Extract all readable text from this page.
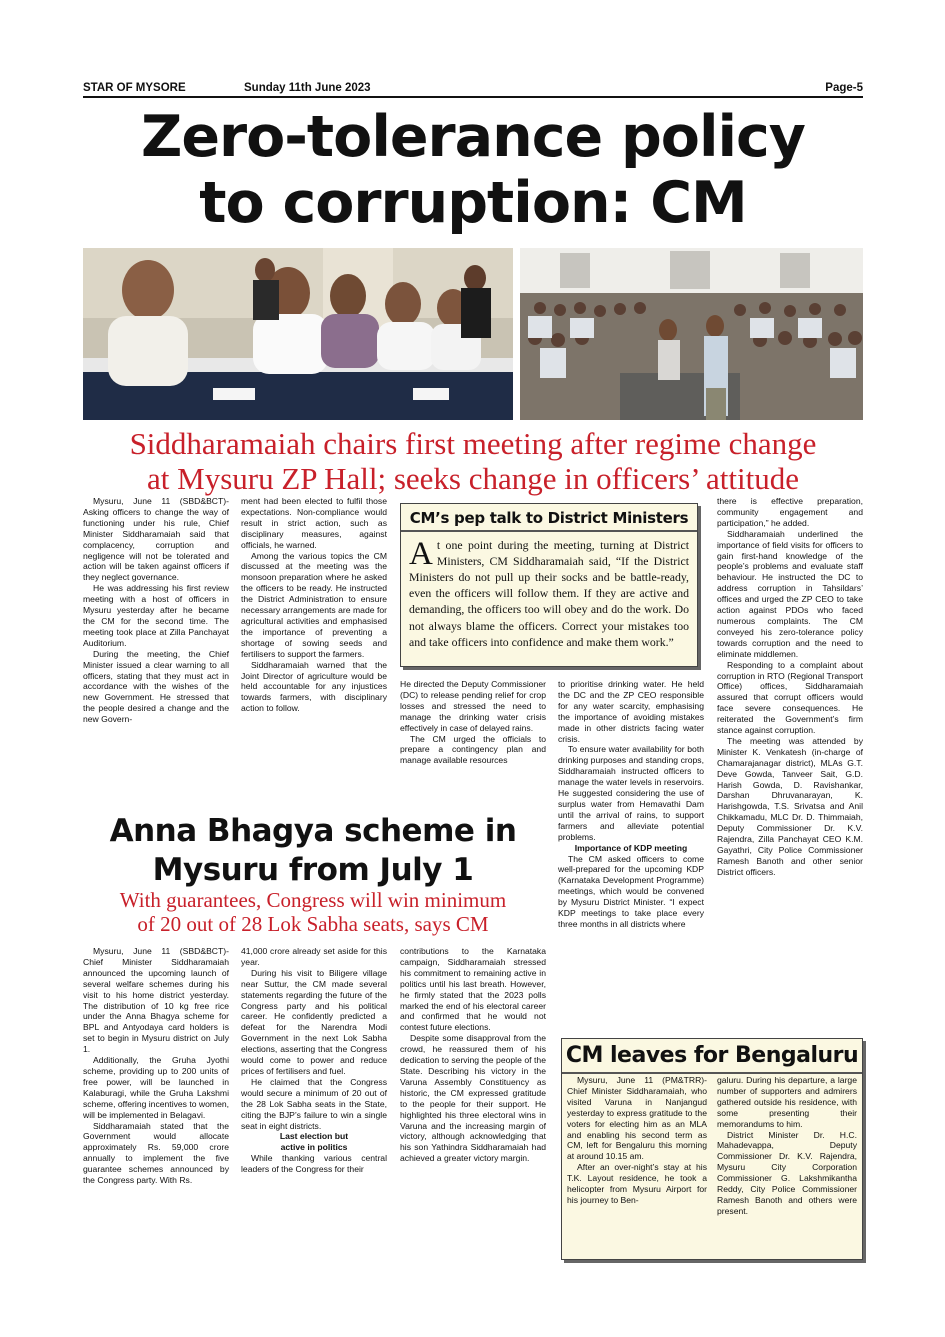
STAR OF MYSORE	Sunday 11th June 2023	Page-5
Zero-tolerance policy
to corruption: CM
Siddharamaiah chairs first meeting after regime change
at Mysuru ZP Hall; seeks change in officers’ attitude

Mysuru, June 11 (SBD&BCT)- Asking officers to change the way of functioning under his rule, Chief Minister Siddharamaiah said that complacency, corruption and negligence will not be tolerated and action will be taken against officers if they neglect governance.

He was addressing his first review meeting with a host of officers in Mysuru yesterday after he became the CM for the second time. The meeting took place at Zilla Panchayat Auditorium.

During the meeting, the Chief Minister issued a clear warning to all officers, stating that they must act in accordance with the wishes of the new Government. He stressed that the people desired a change and the new Govern-

ment had been elected to fulfil those expectations. Non-compliance would result in strict action, such as disciplinary measures, against officials, he warned.

Among the various topics the CM discussed at the meeting was the monsoon preparation where he asked the officers to be ready. He instructed the District Administration to ensure necessary arrangements are made for agricultural activities and emphasised the importance of preventing a shortage of sowing seeds and fertilisers to support the farmers.

Siddharamaiah warned that the Joint Director of agriculture would be held accountable for any injustices towards farmers, with disciplinary action to follow.

CM’s pep talk to District Ministers
At one point during the meeting, turning at District Ministers, CM Siddharamaiah said, “If the District Ministers do not pull up their socks and be battle-ready, even the officers will follow them. If they are active and demanding, the officers too will obey and do the work. Do not always blame the officers. Correct your mistakes too and take officers into confidence and make them work.”

He directed the Deputy Commissioner (DC) to release pending relief for crop losses and stressed the need to manage the drinking water crisis effectively in case of delayed rains.

The CM urged the officials to prepare a contingency plan and manage available resources

to prioritise drinking water. He held the DC and the ZP CEO responsible for any water scarcity, emphasising the importance of avoiding mistakes made in other districts facing water crisis.

To ensure water availability for both drinking purposes and standing crops, Siddharamaiah instructed officers to manage the water levels in reservoirs. He suggested considering the use of surplus water from Hemavathi Dam until the arrival of rains, to support farmers and alleviate potential problems.

Importance of KDP meeting

The CM asked officers to come well-prepared for the upcoming KDP (Karnataka Development Programme) meetings, which would be convened by Mysuru District Minister. “I expect KDP meetings to take place every three months in all districts where

there is effective preparation, community engagement and participation,” he added.

Siddharamaiah underlined the importance of field visits for officers to gain first-hand knowledge of the people’s problems and evaluate staff behaviour. He instructed the DC to address corruption in Tahsildars’ offices and urged the ZP CEO to take action against PDOs who faced numerous complaints. The CM conveyed his zero-tolerance policy towards corruption and the need to eliminate middlemen.

Responding to a complaint about corruption in RTO (Regional Transport Office) offices, Siddharamaiah assured that corrupt officers would face severe consequences. He reiterated the Government’s firm stance against corruption.

The meeting was attended by Minister K. Venkatesh (in-charge of Chamarajanagar district), MLAs G.T. Deve Gowda, Tanveer Sait, G.D. Harish Gowda, D. Ravishankar, Darshan Dhruvanarayan, K. Harishgowda, T.S. Srivatsa and Anil Chikkamadu, MLC Dr. D. Thimmaiah, Deputy Commissioner Dr. K.V. Rajendra, Zilla Panchayat CEO K.M. Gayathri, City Police Commissioner Ramesh Banoth and other senior District officers.

Anna Bhagya scheme in
Mysuru from July 1
With guarantees, Congress will win minimum
of 20 out of 28 Lok Sabha seats, says CM

Mysuru, June 11 (SBD&BCT)- Chief Minister Siddharamaiah announced the upcoming launch of several welfare schemes during his visit to his home district yesterday. The distribution of 10 kg free rice under the Anna Bhagya scheme for BPL and Antyodaya card holders is set to begin in Mysuru district on July 1.

Additionally, the Gruha Jyothi scheme, providing up to 200 units of free power, will be launched in Kalaburagi, while the Gruha Lakshmi scheme, offering incentives to women, will be implemented in Belagavi.

Siddharamaiah stated that the Government would allocate approximately Rs. 59,000 crore annually to implement the five guarantee schemes announced by the Congress party. With Rs.

41,000 crore already set aside for this year.

During his visit to Biligere village near Suttur, the CM made several statements regarding the future of the Congress party and his political career. He confidently predicted a defeat for the Narendra Modi Government in the next Lok Sabha elections, asserting that the Congress would come to power and reduce prices of fertilisers and fuel.

He claimed that the Congress would secure a minimum of 20 out of the 28 Lok Sabha seats in the State, citing the BJP’s failure to win a single seat in eight districts.

Last election but

active in politics

While thanking various central leaders of the Congress for their

contributions to the Karnataka campaign, Siddharamaiah stressed his commitment to remaining active in politics until his last breath. However, he firmly stated that the 2023 polls marked the end of his electoral career and confirmed that he would not contest future elections.

Despite some disapproval from the crowd, he reassured them of his dedication to serving the people of the State. Describing his victory in the Varuna Assembly Constituency as historic, the CM expressed gratitude to the people for their support. He highlighted his three electoral wins in Varuna and the increasing margin of victory, although acknowledging that his son Yathindra Siddharamaiah had achieved a greater victory margin.

CM leaves for Bengaluru

Mysuru, June 11 (PM&TRR)- Chief Minister Siddharamaiah, who visited Varuna in Nanjangud yesterday to express gratitude to the voters for electing him as an MLA and enabling his second term as CM, left for Bengaluru this morning at around 10.15 am.

After an over-night’s stay at his T.K. Layout residence, he took a helicopter from Mysuru Airport for his journey to Ben-

galuru. During his departure, a large number of supporters and admirers gathered outside his residence, with some presenting their memorandums to him.

District Minister Dr. H.C. Mahadevappa, Deputy Commissioner Dr. K.V. Rajendra, Mysuru City Corporation Commissioner G. Lakshmikantha Reddy, City Police Commissioner Ramesh Banoth and others were present.
